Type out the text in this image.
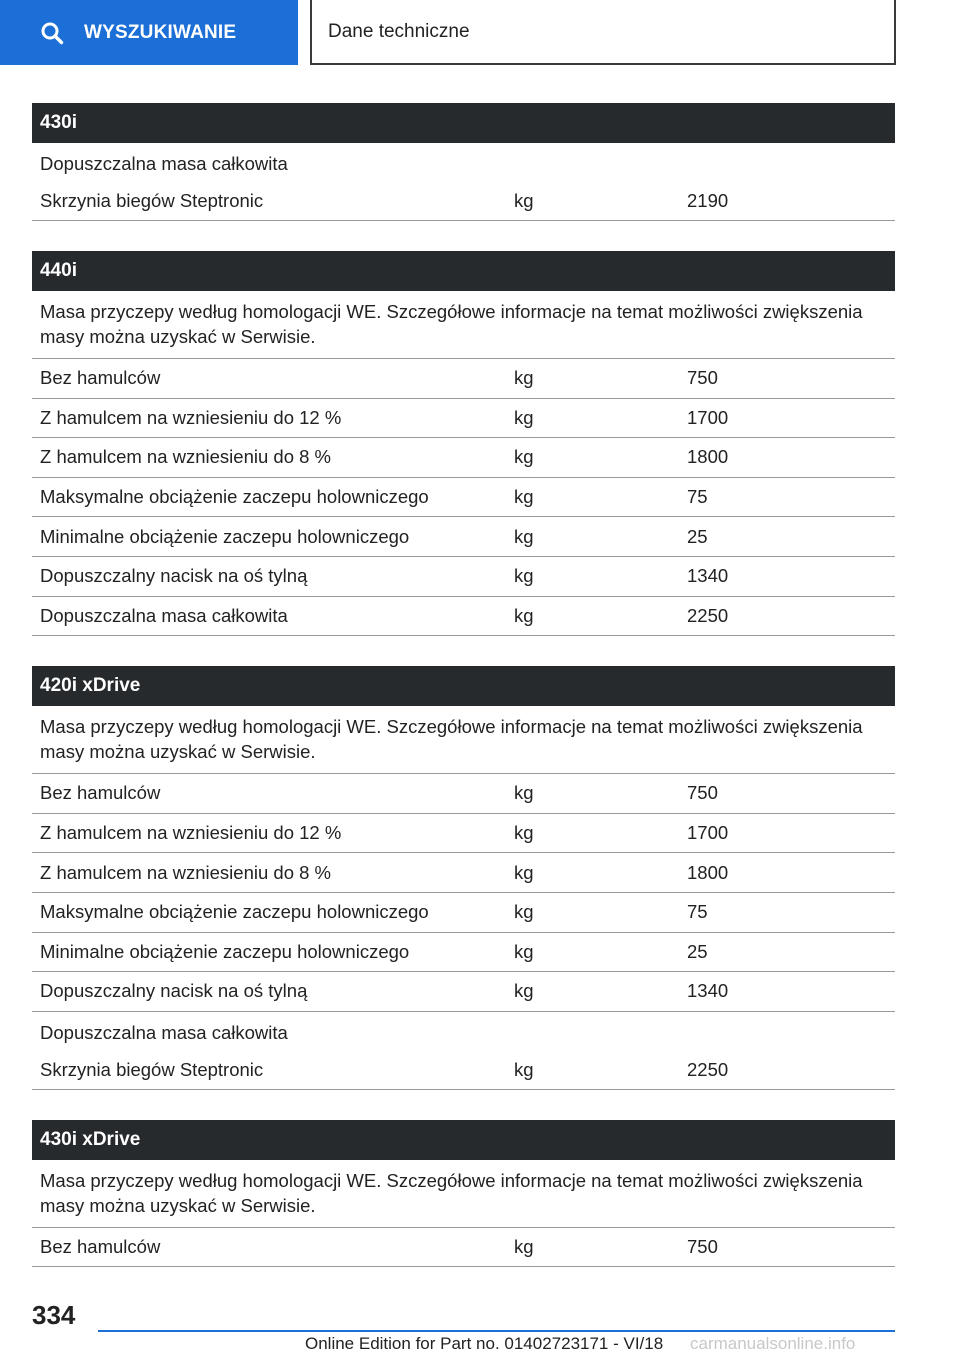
WYSZUKIWANIE	Dane techniczne
430i
Dopuszczalna masa całkowita
Skrzynia biegów Steptronic	kg	2190
440i
Masa przyczepy według homologacji WE. Szczegółowe informacje na temat możliwości zwiększenia masy można uzyskać w Serwisie.
Bez hamulców	kg	750
Z hamulcem na wzniesieniu do 12 %	kg	1700
Z hamulcem na wzniesieniu do 8 %	kg	1800
Maksymalne obciążenie zaczepu holowniczego	kg	75
Minimalne obciążenie zaczepu holowniczego	kg	25
Dopuszczalny nacisk na oś tylną	kg	1340
Dopuszczalna masa całkowita	kg	2250
420i xDrive
Masa przyczepy według homologacji WE. Szczegółowe informacje na temat możliwości zwiększenia masy można uzyskać w Serwisie.
Bez hamulców	kg	750
Z hamulcem na wzniesieniu do 12 %	kg	1700
Z hamulcem na wzniesieniu do 8 %	kg	1800
Maksymalne obciążenie zaczepu holowniczego	kg	75
Minimalne obciążenie zaczepu holowniczego	kg	25
Dopuszczalny nacisk na oś tylną	kg	1340
Dopuszczalna masa całkowita
Skrzynia biegów Steptronic	kg	2250
430i xDrive
Masa przyczepy według homologacji WE. Szczegółowe informacje na temat możliwości zwiększenia masy można uzyskać w Serwisie.
Bez hamulców	kg	750
334
Online Edition for Part no. 01402723171 - VI/18 carmanualsonline.info
